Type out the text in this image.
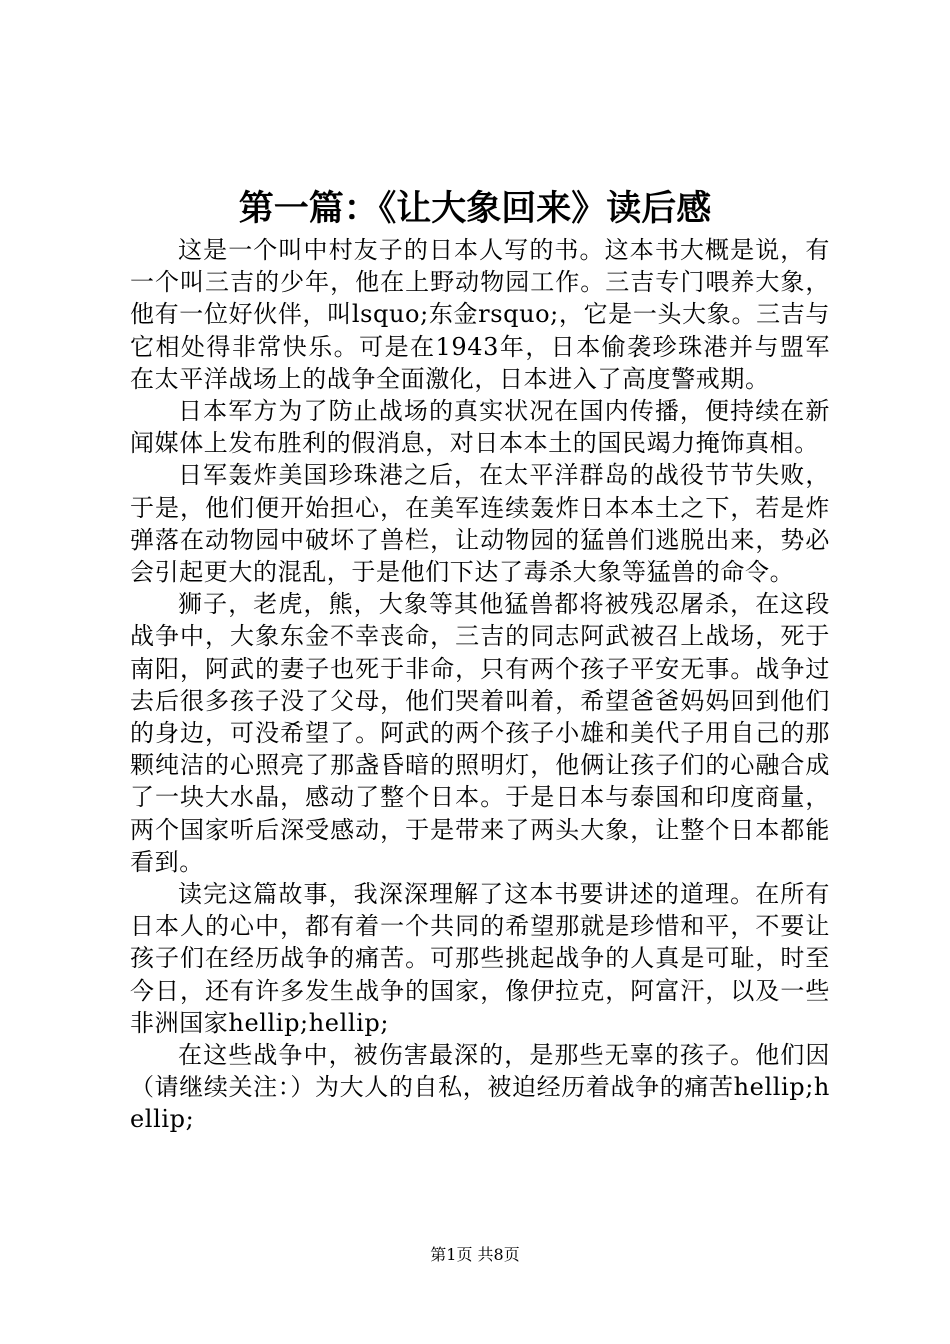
第一篇：《让大象回来》读后感

这是一个叫中村友子的日本人写的书。这本书大概是说，有一个叫三吉的少年，他在上野动物园工作。三吉专门喂养大象，他有一位好伙伴，叫lsquo;东金rsquo;，它是一头大象。三吉与它相处得非常快乐。可是在1943年，日本偷袭珍珠港并与盟军在太平洋战场上的战争全面激化，日本进入了高度警戒期。

日本军方为了防止战场的真实状况在国内传播，便持续在新闻媒体上发布胜利的假消息，对日本本土的国民竭力掩饰真相。

日军轰炸美国珍珠港之后，在太平洋群岛的战役节节失败，于是，他们便开始担心，在美军连续轰炸日本本土之下，若是炸弹落在动物园中破坏了兽栏，让动物园的猛兽们逃脱出来，势必会引起更大的混乱，于是他们下达了毒杀大象等猛兽的命令。

狮子，老虎，熊，大象等其他猛兽都将被残忍屠杀，在这段战争中，大象东金不幸丧命，三吉的同志阿武被召上战场，死于南阳，阿武的妻子也死于非命，只有两个孩子平安无事。战争过去后很多孩子没了父母，他们哭着叫着，希望爸爸妈妈回到他们的身边，可没希望了。阿武的两个孩子小雄和美代子用自己的那颗纯洁的心照亮了那盏昏暗的照明灯，他俩让孩子们的心融合成了一块大水晶，感动了整个日本。于是日本与泰国和印度商量，两个国家听后深受感动，于是带来了两头大象，让整个日本都能看到。

读完这篇故事，我深深理解了这本书要讲述的道理。在所有日本人的心中，都有着一个共同的希望那就是珍惜和平，不要让孩子们在经历战争的痛苦。可那些挑起战争的人真是可耻，时至今日，还有许多发生战争的国家，像伊拉克，阿富汗，以及一些非洲国家hellip;hellip;

在这些战争中，被伤害最深的，是那些无辜的孩子。他们因（请继续关注：）为大人的自私，被迫经历着战争的痛苦hellip;hellip;

第1页 共8页
